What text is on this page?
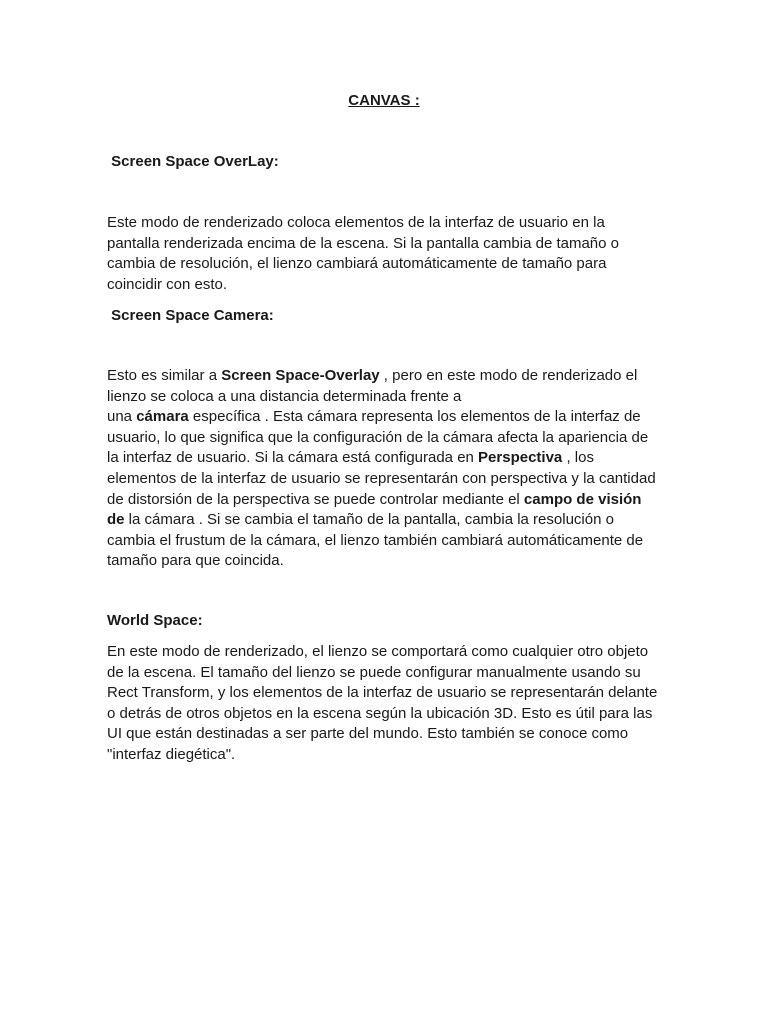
CANVAS :
Screen Space OverLay:
Este modo de renderizado coloca elementos de la interfaz de usuario en la
pantalla renderizada encima de la escena. Si la pantalla cambia de tamaño o
cambia de resolución, el lienzo cambiará automáticamente de tamaño para
coincidir con esto.
Screen Space Camera:
Esto es similar a Screen Space-Overlay , pero en este modo de renderizado el
lienzo se coloca a una distancia determinada frente a
una cámara específica . Esta cámara representa los elementos de la interfaz de
usuario, lo que significa que la configuración de la cámara afecta la apariencia de
la interfaz de usuario. Si la cámara está configurada en Perspectiva , los
elementos de la interfaz de usuario se representarán con perspectiva y la cantidad
de distorsión de la perspectiva se puede controlar mediante el campo de visión
de la cámara . Si se cambia el tamaño de la pantalla, cambia la resolución o
cambia el frustum de la cámara, el lienzo también cambiará automáticamente de
tamaño para que coincida.
World Space:
En este modo de renderizado, el lienzo se comportará como cualquier otro objeto
de la escena. El tamaño del lienzo se puede configurar manualmente usando su
Rect Transform, y los elementos de la interfaz de usuario se representarán delante
o detrás de otros objetos en la escena según la ubicación 3D. Esto es útil para las
UI que están destinadas a ser parte del mundo. Esto también se conoce como
"interfaz diegética".
